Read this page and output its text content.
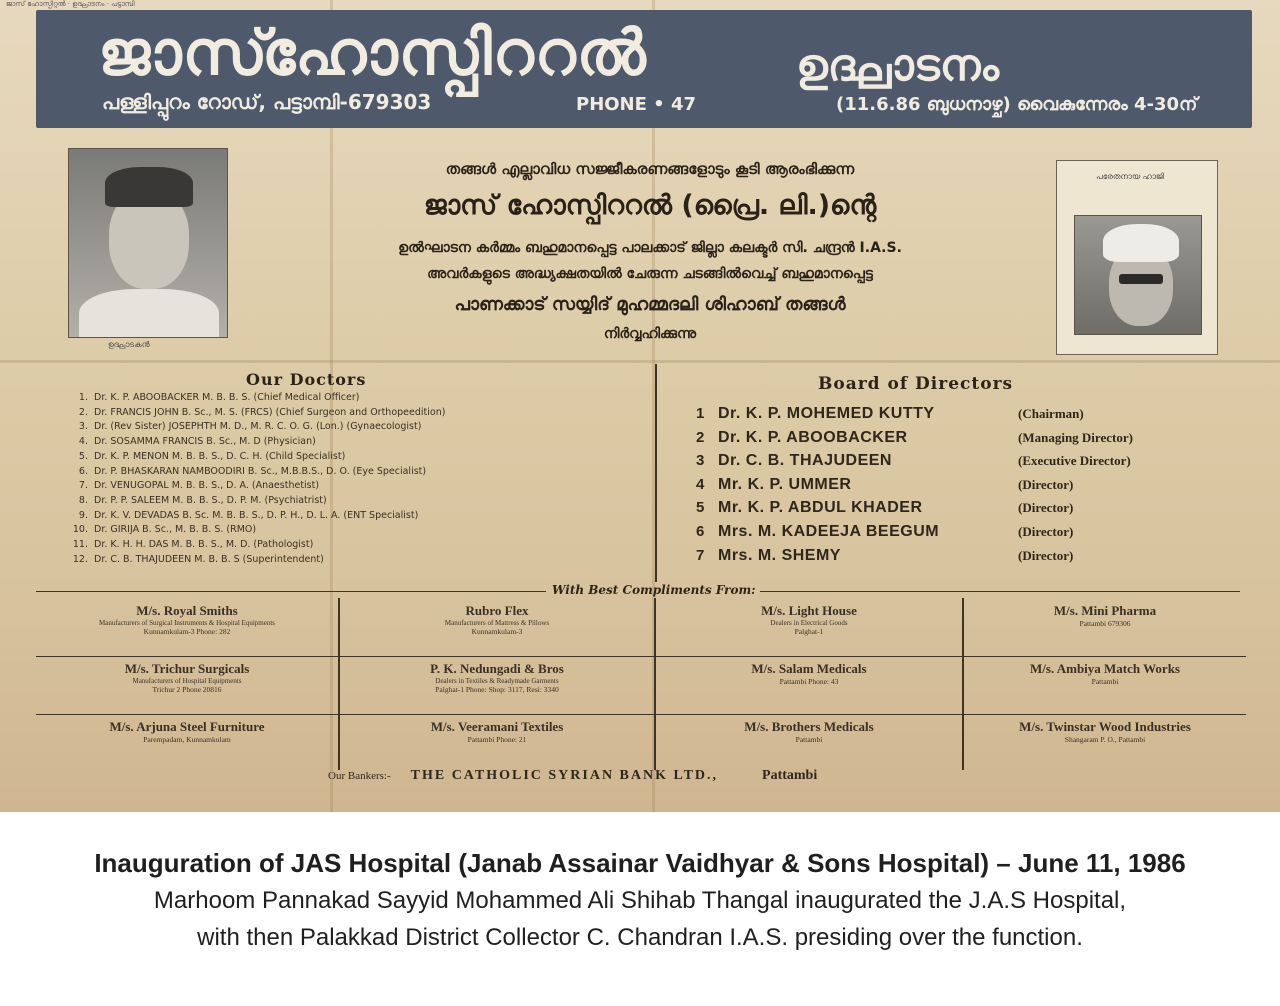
ജാസ് ഹോസ്പിറ്റൽ · ഉദ്ഘാടനം · പട്ടാമ്പി
ജാസ്ഹോസ്പിററൽ	ഉദ്ഘാടനം
പള്ളിപ്പുറം റോഡ്, പട്ടാമ്പി-679303	PHONE • 47	(11.6.86 ബുധനാഴ്ച) വൈകുന്നേരം 4-30ന്
ഉദ്ഘാടകൻ
പരേതനായ ഹാജി
തങ്ങൾ എല്ലാവിധ സജ്ജീകരണങ്ങളോടും കൂടി ആരംഭിക്കുന്ന
ജാസ് ഹോസ്പിററൽ (പ്രൈ. ലി.)ന്റെ
ഉൽഘാടന കർമ്മം ബഹുമാനപ്പെട്ട പാലക്കാട് ജില്ലാ കലക്ടർ സി. ചന്ദ്രൻ I.A.S.
അവർകളുടെ അദ്ധ്യക്ഷതയിൽ ചേരുന്ന ചടങ്ങിൽവെച്ച് ബഹുമാനപ്പെട്ട
പാണക്കാട് സയ്യിദ് മുഹമ്മദലി ശിഹാബ് തങ്ങൾ
നിർവ്വഹിക്കുന്നു
Our Doctors
1. Dr. K. P. ABOOBACKER M. B. B. S. (Chief Medical Officer)
2. Dr. FRANCIS JOHN B. Sc., M. S. (FRCS) (Chief Surgeon and Orthopeedition)
3. Dr. (Rev Sister) JOSEPHTH M. D., M. R. C. O. G. (Lon.) (Gynaecologist)
4. Dr. SOSAMMA FRANCIS B. Sc., M. D (Physician)
5. Dr. K. P. MENON M. B. B. S., D. C. H. (Child Specialist)
6. Dr. P. BHASKARAN NAMBOODIRI B. Sc., M.B.B.S., D. O. (Eye Specialist)
7. Dr. VENUGOPAL M. B. B. S., D. A. (Anaesthetist)
8. Dr. P. P. SALEEM M. B. B. S., D. P. M. (Psychiatrist)
9. Dr. K. V. DEVADAS B. Sc. M. B. B. S., D. P. H., D. L. A. (ENT Specialist)
10. Dr. GIRIJA B. Sc., M. B. B. S. (RMO)
11. Dr. K. H. H. DAS M. B. B. S., M. D. (Pathologist)
12. Dr. C. B. THAJUDEEN M. B. B. S (Superintendent)
Board of Directors
1 Dr. K. P. MOHEMED KUTTY	(Chairman)
2 Dr. K. P. ABOOBACKER	(Managing Director)
3 Dr. C. B. THAJUDEEN	(Executive Director)
4 Mr. K. P. UMMER	(Director)
5 Mr. K. P. ABDUL KHADER	(Director)
6 Mrs. M. KADEEJA BEEGUM	(Director)
7 Mrs. M. SHEMY	(Director)
With Best Compliments From:
M/s. Royal Smiths
Manufacturers of Surgical Instruments & Hospital Equipments
Kunnamkulam-3 Phone: 282
Rubro Flex
Manufacturers of Mattress & Pillows
Kunnamkulam-3
M/s. Light House
Dealers in Electrical Goods
Palghat-1
M/s. Mini Pharma
Pattambi 679306
M/s. Trichur Surgicals
Manufacturers of Hospital Equipments
Trichur 2 Phone 20816
P. K. Nedungadi & Bros
Dealers in Textiles & Readymade Garments
Palghat-1 Phone: Shop: 3117, Resi: 3340
M/s. Salam Medicals
Pattambi Phone: 43
M/s. Ambiya Match Works
Pattambi
M/s. Arjuna Steel Furniture
Parempadam, Kunnamkulam
M/s. Veeramani Textiles
Pattambi Phone: 21
M/s. Brothers Medicals
Pattambi
M/s. Twinstar Wood Industries
Shangaram P. O., Pattambi
Our Bankers:- THE CATHOLIC SYRIAN BANK LTD.,	Pattambi
Inauguration of JAS Hospital (Janab Assainar Vaidhyar & Sons Hospital) – June 11, 1986
Marhoom Pannakad Sayyid Mohammed Ali Shihab Thangal inaugurated the J.A.S Hospital,
with then Palakkad District Collector C. Chandran I.A.S. presiding over the function.
